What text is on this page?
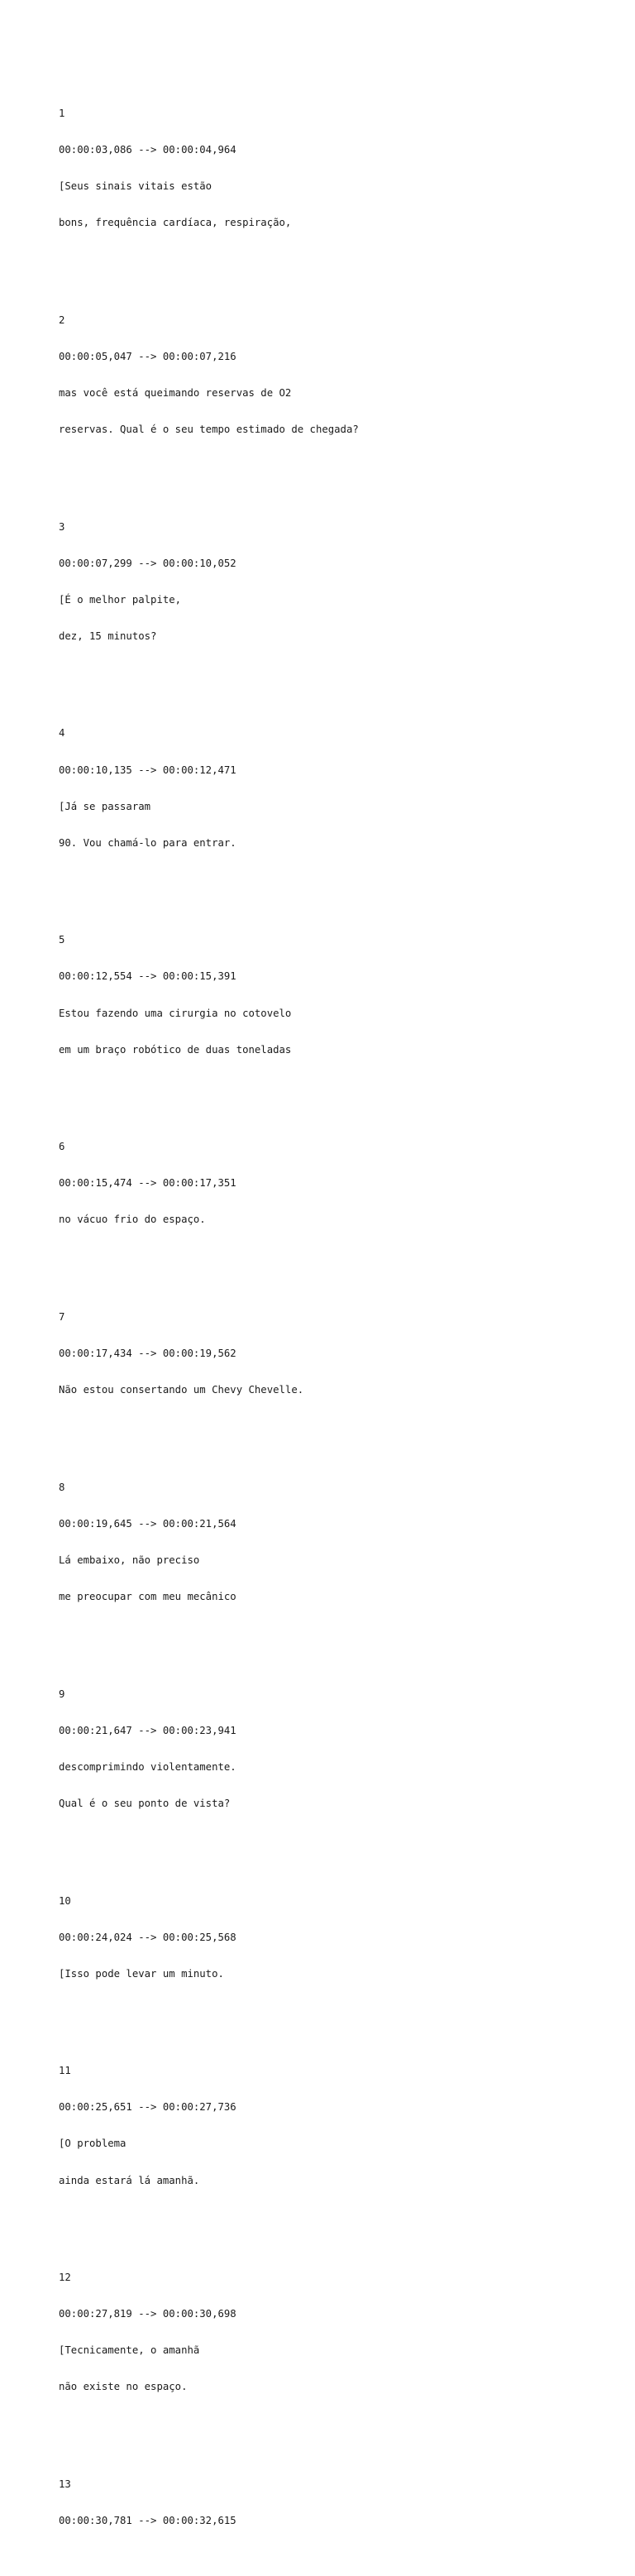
1

00:00:03,086 --> 00:00:04,964

[Seus sinais vitais estão

bons, frequência cardíaca, respiração,

2

00:00:05,047 --> 00:00:07,216

mas você está queimando reservas de O2

reservas. Qual é o seu tempo estimado de chegada?

3

00:00:07,299 --> 00:00:10,052

[É o melhor palpite,

dez, 15 minutos?

4

00:00:10,135 --> 00:00:12,471

[Já se passaram

90. Vou chamá-lo para entrar.

5

00:00:12,554 --> 00:00:15,391

Estou fazendo uma cirurgia no cotovelo

em um braço robótico de duas toneladas

6

00:00:15,474 --> 00:00:17,351

no vácuo frio do espaço.

7

00:00:17,434 --> 00:00:19,562

Não estou consertando um Chevy Chevelle.

8

00:00:19,645 --> 00:00:21,564

Lá embaixo, não preciso

me preocupar com meu mecânico

9

00:00:21,647 --> 00:00:23,941

descomprimindo violentamente.

Qual é o seu ponto de vista?

10

00:00:24,024 --> 00:00:25,568

[Isso pode levar um minuto.

11

00:00:25,651 --> 00:00:27,736

[O problema

ainda estará lá amanhã.

12

00:00:27,819 --> 00:00:30,698

[Tecnicamente, o amanhã

não existe no espaço.

13

00:00:30,781 --> 00:00:32,615
